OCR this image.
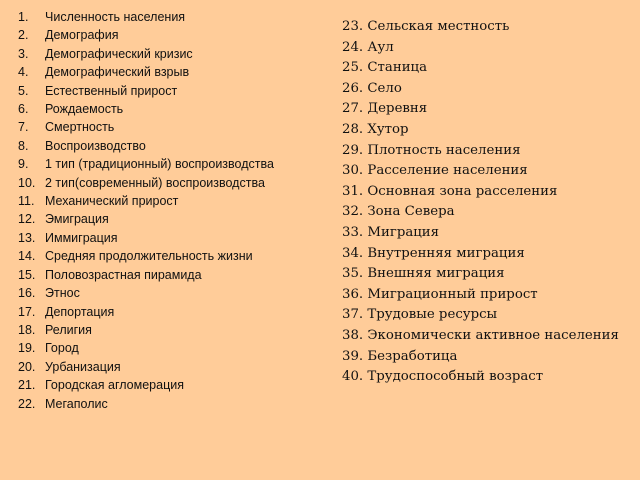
1.	Численность населения
2.	Демография
3.	Демографический кризис
4.	Демографический взрыв
5.	Естественный прирост
6.	Рождаемость
7.	Смертность
8.	Воспроизводство
9.	1 тип (традиционный) воспроизводства
10. 2 тип(современный) воспроизводства
11. Механический прирост
12. Эмиграция
13. Иммиграция
14. Средняя продолжительность жизни
15. Половозрастная пирамида
16. Этнос
17. Депортация
18. Религия
19. Город
20. Урбанизация
21. Городская агломерация
22. Мегаполис
23. Сельская местность
24. Аул
25. Станица
26. Село
27. Деревня
28. Хутор
29. Плотность населения
30. Расселение населения
31. Основная зона расселения
32. Зона Севера
33. Миграция
34. Внутренняя миграция
35. Внешняя миграция
36. Миграционный прирост
37. Трудовые ресурсы
38. Экономически активное населения
39. Безработица
40. Трудоспособный возраст
